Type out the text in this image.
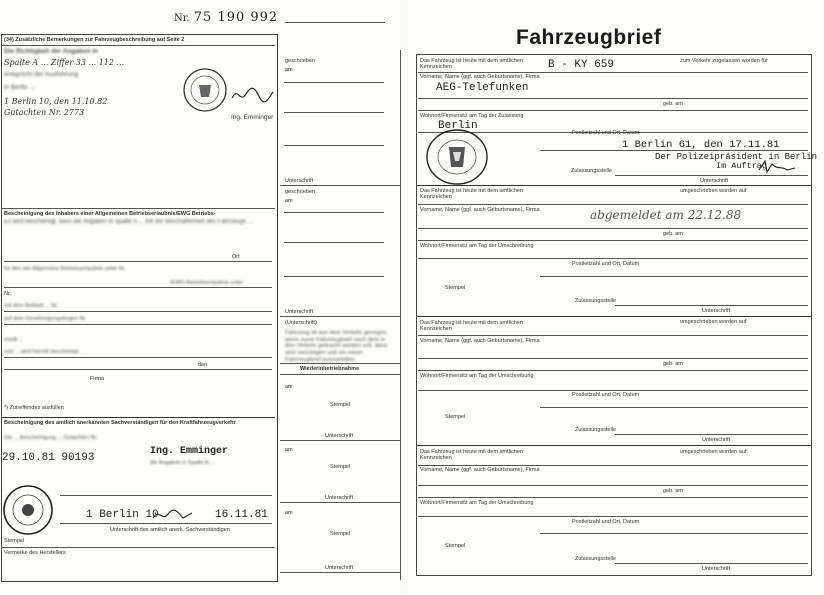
Nr. 75 190 992
Fahrzeugbrief
(34) Zusätzliche Bemerkungen zur Fahrzeugbeschreibung auf Seite 2
Die Richtigkeit der Angaben in
Spalte A ... Ziffer 33 ... 112 ...
entspricht der Ausführung
in Berlin ...
1 Berlin 10, den 11.10.82
Gutachten Nr. 2773
Ing. Emminger
Bescheinigung des Inhabers einer Allgemeinen Betriebserlaubnis/EWG Betriebs-
Es wird bescheinigt, dass die Angaben in Spalte A ... mit der Beschaffenheit des Fahrzeugs ...
Ort
für den der Allgemeine Betriebserlaubnis unter Nr.
/EWG-Betriebserlaubnis unter
Nr.
mit dem Beiblatt ... Nr.
auf dem Genehmigungsbogen Nr.
erteilt ...
und ... wird hiermit bescheinigt.
den
Firma
*) Zutreffendes ausfüllen
Bescheinigung des amtlich anerkannten Sachverständigen für den Kraftfahrzeugverkehr
Die ... Bescheinigung ... Gutachten Nr.
Ing. Emminger
29.10.81 90193	die Angaben in Spalte A ...
1 Berlin 10	16.11.81
Unterschrift des amtlich anerk. Sachverständigen
Stempel
Vermerke des Herstellers
geschrieben
am
Unterschrift
geschrieben
am
Unterschrift
(Unterschrift)
Fahrzeug ist aus dem Verkehr gezogen, wenn zuvor Fahrzeugbrief nach dem in den Verkehr gebracht werden soll, dann sind vorzulegen und ein neuer Fahrzeugbrief auszustellen.
Wiederinbetriebnahme
am
Stempel
Unterschrift
am
Stempel
Unterschrift
am
Stempel
Unterschrift
Das Fahrzeug ist heute mit dem amtlichen Kennzeichen	B - KY 659	zum Verkehr zugelassen worden für
Vorname, Name (ggf. auch Geburtsname), Firma
AEG-Telefunken
geb. am
Wohnort/Firmensitz am Tag der Zulassung
Berlin
Postleitzahl und Ort, Datum
1 Berlin 61, den 17.11.81
Der Polizeipräsident in Berlin
Im Auftrag
Zulassungsstelle
Unterschrift
Das Fahrzeug ist heute mit dem amtlichen Kennzeichen
umgeschrieben worden auf
Vorname, Name (ggf. auch Geburtsname), Firma	abgemeldet am 22.12.88
geb. am
Wohnort/Firmensitz am Tag der Umschreibung
Postleitzahl und Ort, Datum
Stempel
Zulassungsstelle
Unterschrift
Das Fahrzeug ist heute mit dem amtlichen Kennzeichen
umgeschrieben worden auf
Vorname, Name (ggf. auch Geburtsname), Firma
geb. am
Wohnort/Firmensitz am Tag der Umschreibung
Postleitzahl und Ort, Datum
Stempel
Zulassungsstelle
Unterschrift
Das Fahrzeug ist heute mit dem amtlichen Kennzeichen
umgeschrieben worden auf
Vorname, Name (ggf. auch Geburtsname), Firma
geb. am
Wohnort/Firmensitz am Tag der Umschreibung
Postleitzahl und Ort, Datum
Stempel
Zulassungsstelle
Unterschrift
